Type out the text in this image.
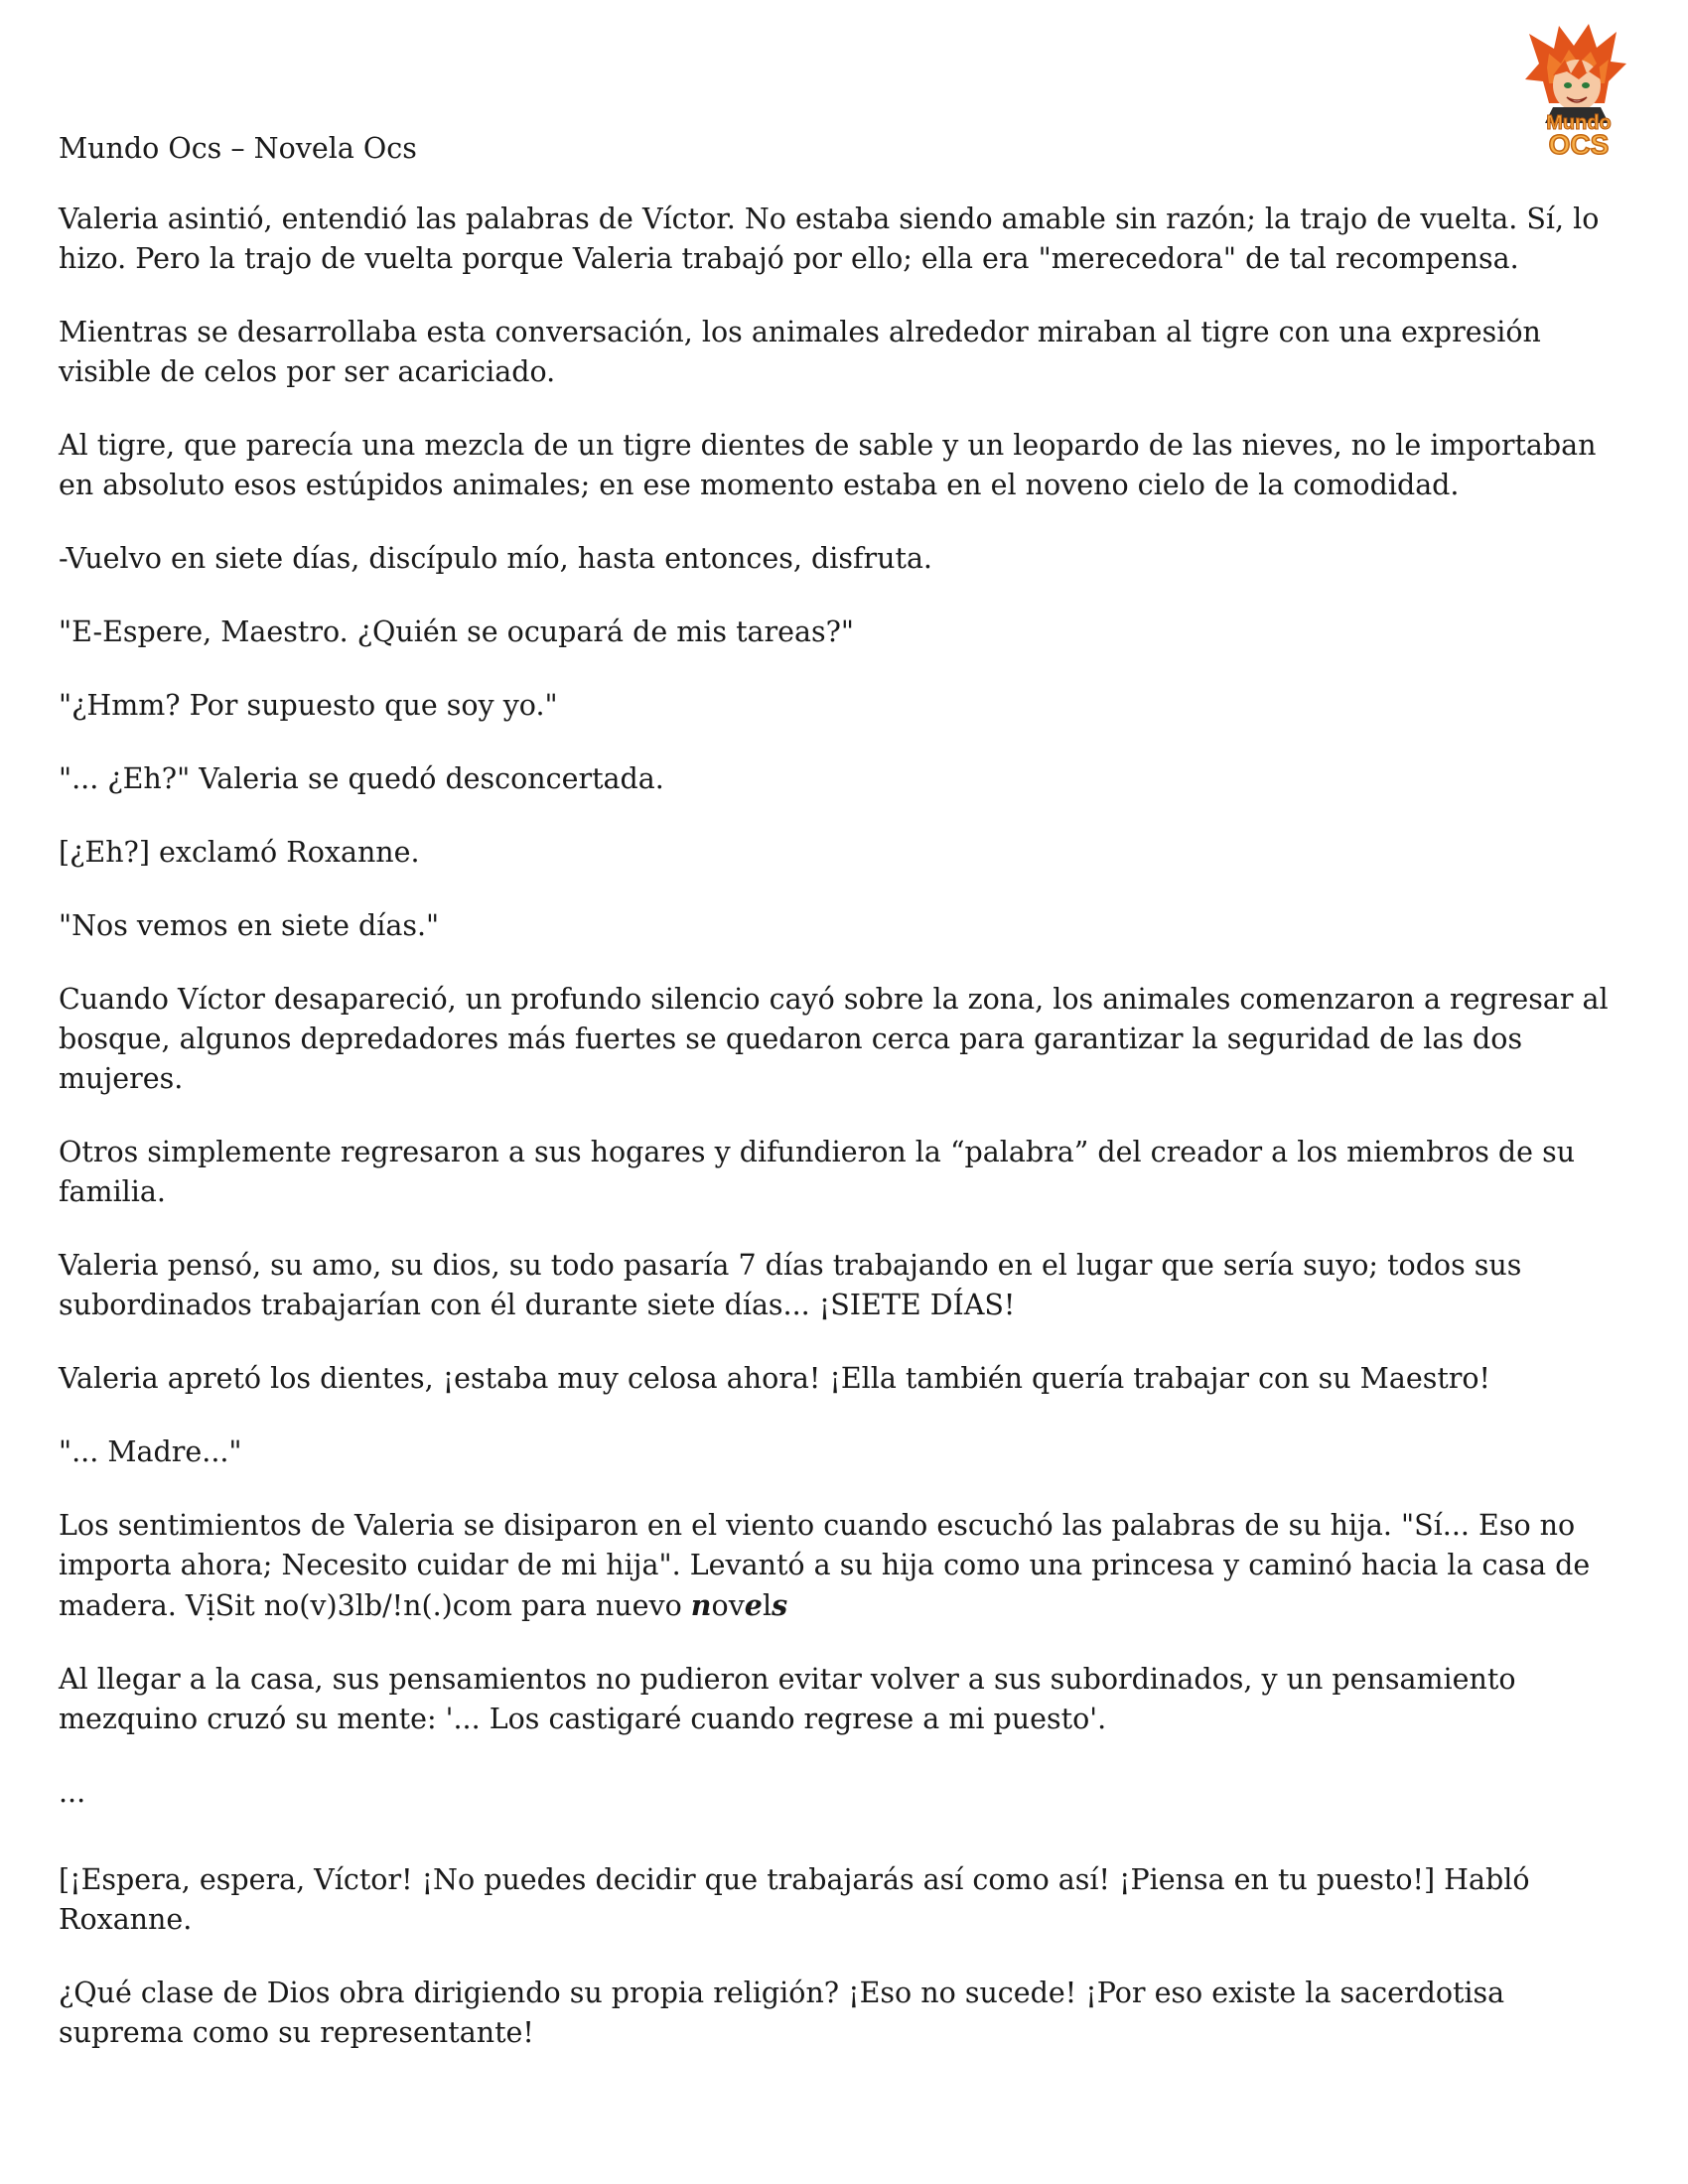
Mundo
OCS

Mundo Ocs – Novela Ocs

Valeria asintió, entendió las palabras de Víctor. No estaba siendo amable sin razón; la trajo de vuelta. Sí, lo hizo. Pero la trajo de vuelta porque Valeria trabajó por ello; ella era "merecedora" de tal recompensa.

Mientras se desarrollaba esta conversación, los animales alrededor miraban al tigre con una expresión visible de celos por ser acariciado.

Al tigre, que parecía una mezcla de un tigre dientes de sable y un leopardo de las nieves, no le importaban en absoluto esos estúpidos animales; en ese momento estaba en el noveno cielo de la comodidad.

-Vuelvo en siete días, discípulo mío, hasta entonces, disfruta.

"E-Espere, Maestro. ¿Quién se ocupará de mis tareas?"

"¿Hmm? Por supuesto que soy yo."

"... ¿Eh?" Valeria se quedó desconcertada.

[¿Eh?] exclamó Roxanne.

"Nos vemos en siete días."

Cuando Víctor desapareció, un profundo silencio cayó sobre la zona, los animales comenzaron a regresar al bosque, algunos depredadores más fuertes se quedaron cerca para garantizar la seguridad de las dos mujeres.

Otros simplemente regresaron a sus hogares y difundieron la “palabra” del creador a los miembros de su familia.

Valeria pensó, su amo, su dios, su todo pasaría 7 días trabajando en el lugar que sería suyo; todos sus subordinados trabajarían con él durante siete días... ¡SIETE DÍAS!

Valeria apretó los dientes, ¡estaba muy celosa ahora! ¡Ella también quería trabajar con su Maestro!

"... Madre..."

Los sentimientos de Valeria se disiparon en el viento cuando escuchó las palabras de su hija. "Sí... Eso no importa ahora; Necesito cuidar de mi hija". Levantó a su hija como una princesa y caminó hacia la casa de madera. VịSit no(v)3lb/!n(.)com para nuevo novels

Al llegar a la casa, sus pensamientos no pudieron evitar volver a sus subordinados, y un pensamiento mezquino cruzó su mente: '... Los castigaré cuando regrese a mi puesto'.

...

[¡Espera, espera, Víctor! ¡No puedes decidir que trabajarás así como así! ¡Piensa en tu puesto!] Habló Roxanne.

¿Qué clase de Dios obra dirigiendo su propia religión? ¡Eso no sucede! ¡Por eso existe la sacerdotisa suprema como su representante!
